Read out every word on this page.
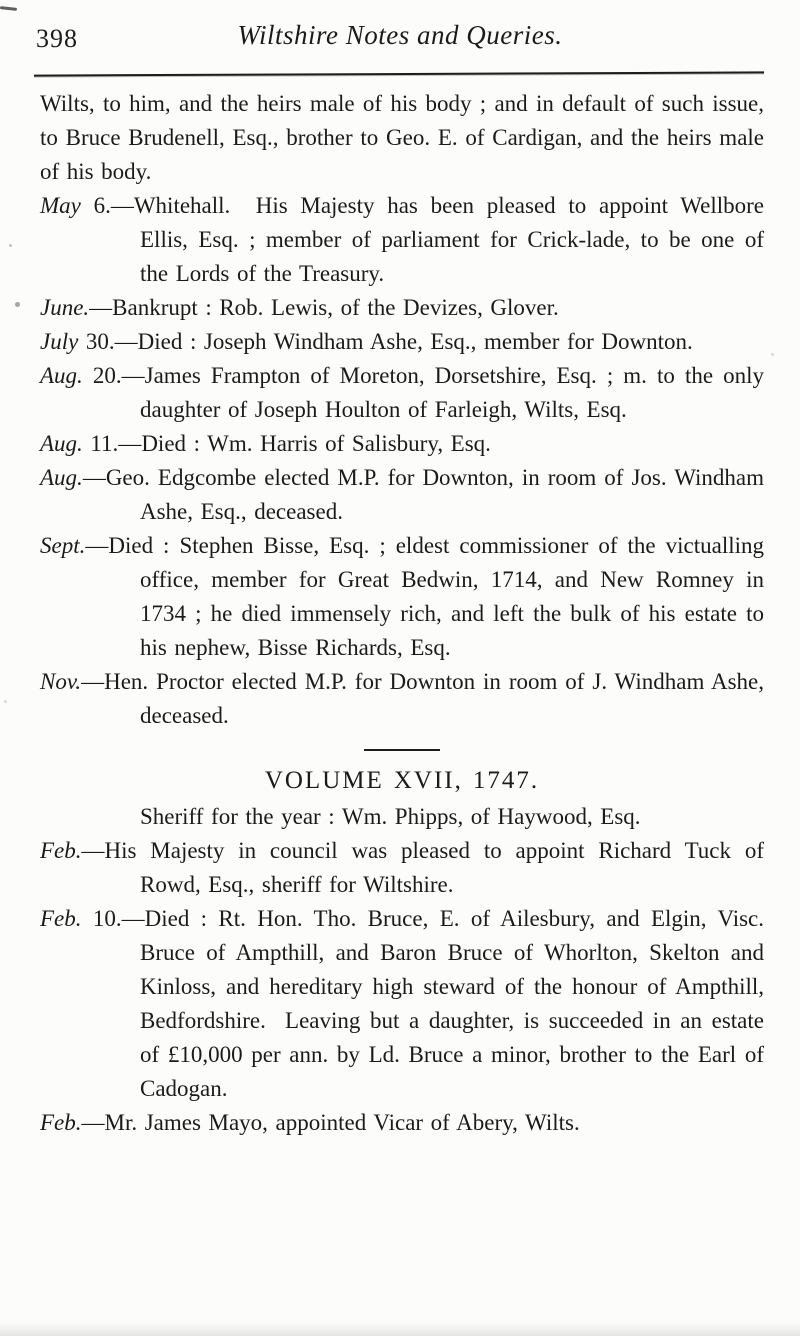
398	Wiltshire Notes and Queries.

Wilts, to him, and the heirs male of his body ; and in default of such issue, to Bruce Brudenell, Esq., brother to Geo. E. of Cardigan, and the heirs male of his body.

May 6.—Whitehall.  His Majesty has been pleased to appoint Wellbore Ellis, Esq. ; member of parliament for Crick-lade, to be one of the Lords of the Treasury.

June.—Bankrupt : Rob. Lewis, of the Devizes, Glover.

July 30.—Died : Joseph Windham Ashe, Esq., member for Downton.

Aug. 20.—James Frampton of Moreton, Dorsetshire, Esq. ; m. to the only daughter of Joseph Houlton of Farleigh, Wilts, Esq.

Aug. 11.—Died : Wm. Harris of Salisbury, Esq.

Aug.—Geo. Edgcombe elected M.P. for Downton, in room of Jos. Windham Ashe, Esq., deceased.

Sept.—Died : Stephen Bisse, Esq. ; eldest commissioner of the victualling office, member for Great Bedwin, 1714, and New Romney in 1734 ; he died immensely rich, and left the bulk of his estate to his nephew, Bisse Richards, Esq.

Nov.—Hen. Proctor elected M.P. for Downton in room of J. Windham Ashe, deceased.

VOLUME XVII, 1747.

Sheriff for the year : Wm. Phipps, of Haywood, Esq.

Feb.—His Majesty in council was pleased to appoint Richard Tuck of Rowd, Esq., sheriff for Wiltshire.

Feb. 10.—Died : Rt. Hon. Tho. Bruce, E. of Ailesbury, and Elgin, Visc. Bruce of Ampthill, and Baron Bruce of Whorlton, Skelton and Kinloss, and hereditary high steward of the honour of Ampthill, Bedfordshire.  Leaving but a daughter, is succeeded in an estate of £10,000 per ann. by Ld. Bruce a minor, brother to the Earl of Cadogan.

Feb.—Mr. James Mayo, appointed Vicar of Abery, Wilts.
